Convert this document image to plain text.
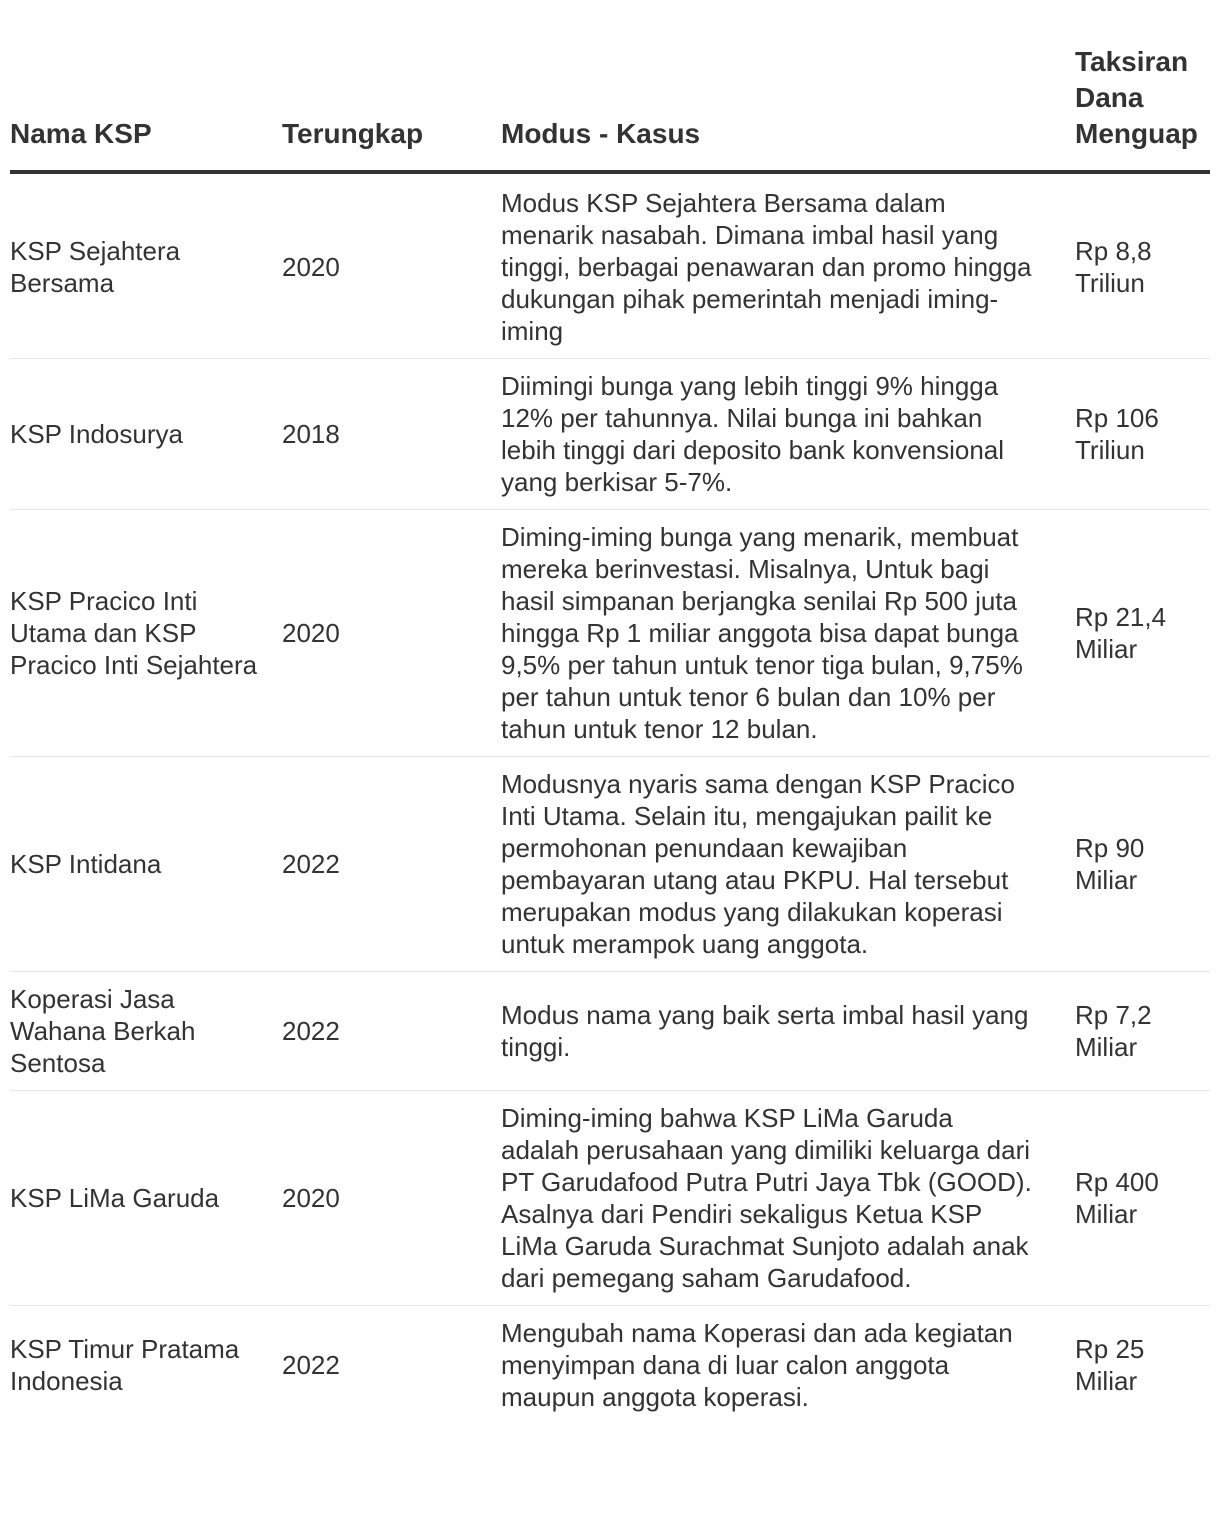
Nama KSP	Terungkap	Modus - Kasus	Taksiran
Dana
Menguap
KSP Sejahtera Bersama	2020	Modus KSP Sejahtera Bersama dalam menarik nasabah. Dimana imbal hasil yang tinggi, berbagai penawaran dan promo hingga dukungan pihak pemerintah menjadi iming-iming	Rp 8,8 Triliun
KSP Indosurya	2018	Diimingi bunga yang lebih tinggi 9% hingga 12% per tahunnya. Nilai bunga ini bahkan lebih tinggi dari deposito bank konvensional yang berkisar 5-7%.	Rp 106 Triliun
KSP Pracico Inti Utama dan KSP Pracico Inti Sejahtera	2020	Diming-iming bunga yang menarik, membuat mereka berinvestasi. Misalnya, Untuk bagi hasil simpanan berjangka senilai Rp 500 juta hingga Rp 1 miliar anggota bisa dapat bunga 9,5% per tahun untuk tenor tiga bulan, 9,75% per tahun untuk tenor 6 bulan dan 10% per tahun untuk tenor 12 bulan.	Rp 21,4 Miliar
KSP Intidana	2022	Modusnya nyaris sama dengan KSP Pracico Inti Utama. Selain itu, mengajukan pailit ke permohonan penundaan kewajiban pembayaran utang atau PKPU. Hal tersebut merupakan modus yang dilakukan koperasi untuk merampok uang anggota.	Rp 90 Miliar
Koperasi Jasa Wahana Berkah Sentosa	2022	Modus nama yang baik serta imbal hasil yang tinggi.	Rp 7,2 Miliar
KSP LiMa Garuda	2020	Diming-iming bahwa KSP LiMa Garuda adalah perusahaan yang dimiliki keluarga dari PT Garudafood Putra Putri Jaya Tbk (GOOD). Asalnya dari Pendiri sekaligus Ketua KSP LiMa Garuda Surachmat Sunjoto adalah anak dari pemegang saham Garudafood.	Rp 400 Miliar
KSP Timur Pratama Indonesia	2022	Mengubah nama Koperasi dan ada kegiatan menyimpan dana di luar calon anggota maupun anggota koperasi.	Rp 25 Miliar
